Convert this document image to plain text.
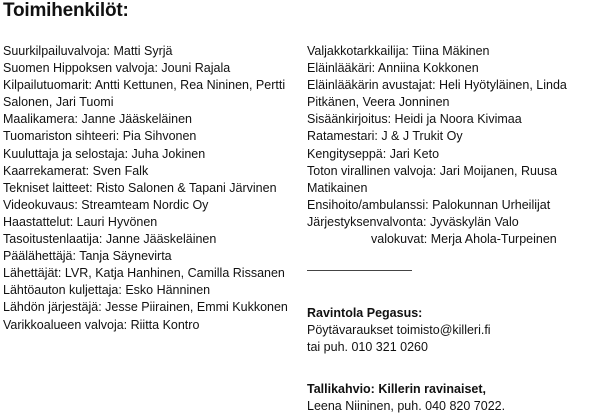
Toimihenkilöt:

Suurkilpailuvalvoja: Matti Syrjä

Suomen Hippoksen valvoja: Jouni Rajala

Kilpailutuomarit: Antti Kettunen, Rea Nininen, Pertti Salonen, Jari Tuomi

Maalikamera: Janne Jääskeläinen

Tuomariston sihteeri: Pia Sihvonen

Kuuluttaja ja selostaja: Juha Jokinen

Kaarrekamerat: Sven Falk

Tekniset laitteet: Risto Salonen & Tapani Järvinen

Videokuvaus: Streamteam Nordic Oy

Haastattelut: Lauri Hyvönen

Tasoitustenlaatija: Janne Jääskeläinen

Päälähettäjä: Tanja Säynevirta

Lähettäjät: LVR, Katja Hanhinen, Camilla Rissanen

Lähtöauton kuljettaja: Esko Hänninen

Lähdön järjestäjä: Jesse Piirainen, Emmi Kukkonen

Varikkoalueen valvoja: Riitta Kontro

Valjakkotarkkailija: Tiina Mäkinen

Eläinlääkäri: Anniina Kokkonen

Eläinlääkärin avustajat: Heli Hyötyläinen, Linda Pitkänen, Veera Jonninen

Sisäänkirjoitus: Heidi ja Noora Kivimaa

Ratamestari: J & J Trukit Oy

Kengityseppä: Jari Keto

Toton virallinen valvoja: Jari Moijanen, Ruusa Matikainen

Ensihoito/ambulanssi: Palokunnan Urheilijat

Järjestyksenvalvonta: Jyväskylän Valo

valokuvat: Merja Ahola-Turpeinen

Ravintola Pegasus:

Pöytävaraukset toimisto@killeri.fi

tai puh. 010 321 0260

Tallikahvio: Killerin ravinaiset,

Leena Niininen, puh. 040 820 7022.
